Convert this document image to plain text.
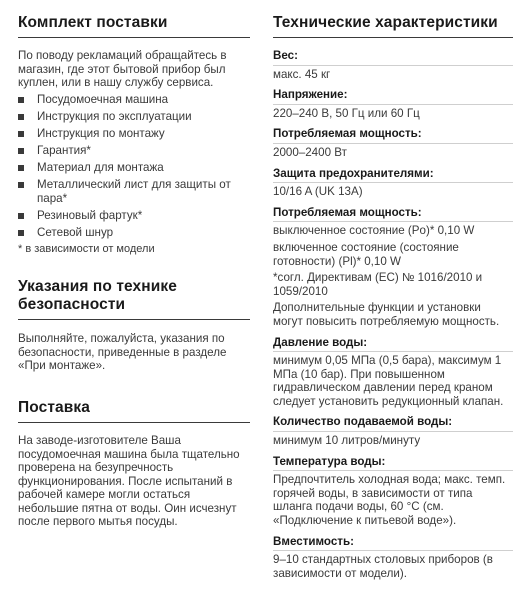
Комплект поставки

По поводу рекламаций обращайтесь в магазин, где этот бытовой прибор был куплен, или в нашу службу сервиса.

Посудомоечная машина
Инструкция по эксплуатации
Инструкция по монтажу
Гарантия*
Материал для монтажа
Металлический лист для защиты от пара*
Резиновый фартук*
Сетевой шнур

* в зависимости от модели

Указания по технике безопасности

Выполняйте, пожалуйста, указания по безопасности, приведенные в разделе «При монтаже».

Поставка

На заводе-изготовителе Ваша посудомоечная машина была тщательно проверена на безупречность функционирования. После испытаний в рабочей камере могли остаться небольшие пятна от воды. Оин исчезнут после первого мытья посуды.

Технические характеристики

Вес:

макс. 45 кг

Напряжение:

220–240 В, 50 Гц или 60 Гц

Потребляемая мощность:

2000–2400 Вт

Защита предохранителями:

10/16 A (UK 13A)

Потребляемая мощность:

выключенное состояние (Po)* 0,10 W

включенное состояние (состояние готовности) (Pl)* 0,10 W

*согл. Директивам (ЕС) № 1016/2010 и 1059/2010

Дополнительные функции и установки могут повысить потребляемую мощность.

Давление воды:

минимум 0,05 МПа (0,5 бара), максимум 1 МПа (10 бар). При повышенном гидравлическом давлении перед краном следует установить редукционный клапан.

Количество подаваемой воды:

минимум 10 литров/минуту

Температура воды:

Предпочтитель холодная вода; макс. темп. горячей воды, в зависимости от типа шланга подачи воды, 60 °C (см. «Подключение к питьевой воде»).

Вместимость:

9–10 стандартных столовых приборов (в зависимости от модели).
